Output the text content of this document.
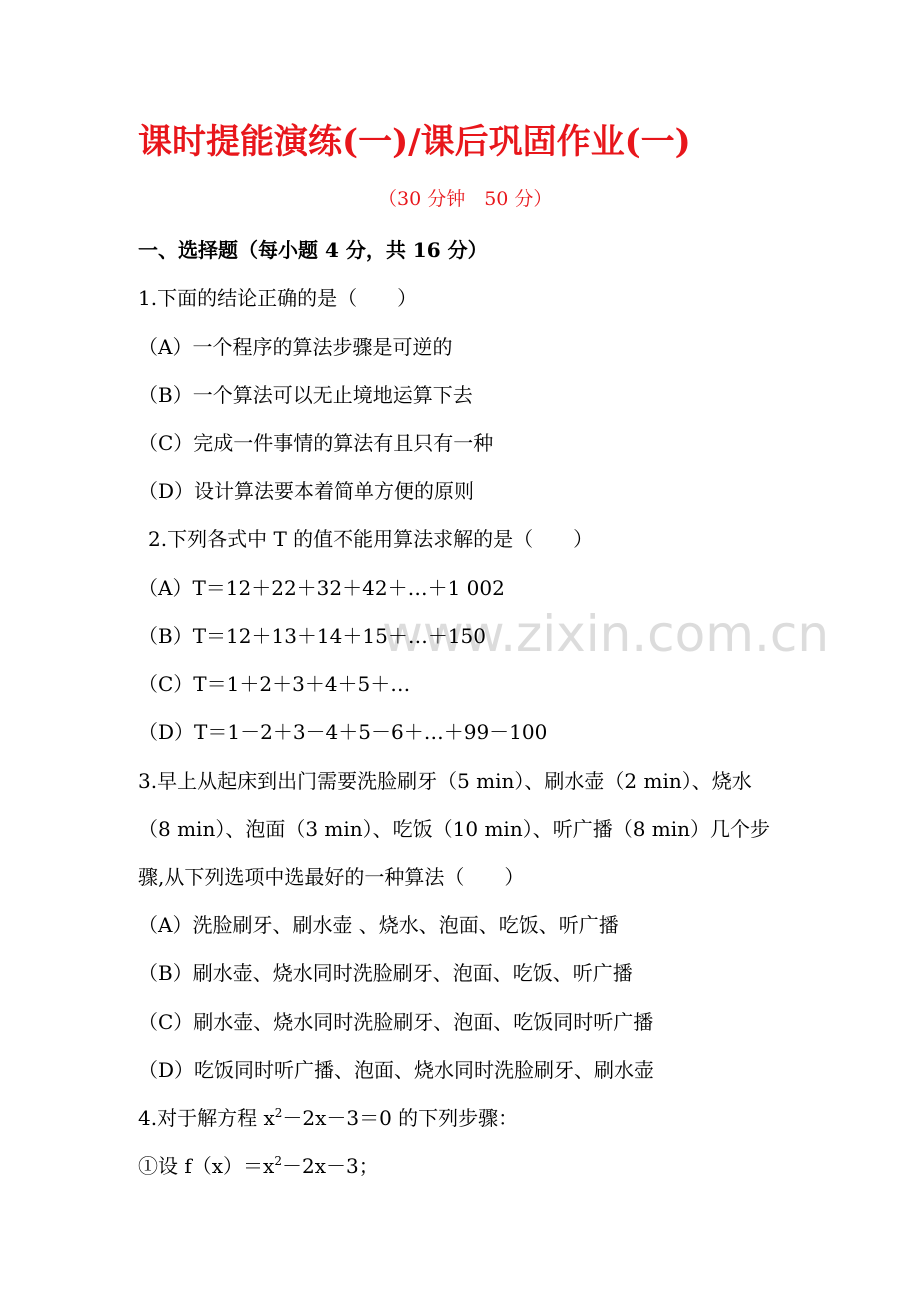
www.zixin.com.cn
课时提能演练(一)/课后巩固作业(一)
（30 分钟　50 分）
一、选择题（每小题 4 分，共 16 分）
1.下面的结论正确的是（　　）
（A）一个程序的算法步骤是可逆的
（B）一个算法可以无止境地运算下去
（C）完成一件事情的算法有且只有一种
（D）设计算法要本着简单方便的原则
2.下列各式中 T 的值不能用算法求解的是（　　）
（A）T＝12＋22＋32＋42＋…＋1 002
（B）T＝12＋13＋14＋15＋…＋150
（C）T＝1＋2＋3＋4＋5＋…
（D）T＝1－2＋3－4＋5－6＋…＋99－100
3.早上从起床到出门需要洗脸刷牙（5 min）、刷水壶（2 min）、烧水
（8 min）、泡面（3 min）、吃饭（10 min）、听广播（8 min）几个步
骤,从下列选项中选最好的一种算法（　　）
（A）洗脸刷牙、刷水壶 、烧水、泡面、吃饭、听广播
（B）刷水壶、烧水同时洗脸刷牙、泡面、吃饭、听广播
（C）刷水壶、烧水同时洗脸刷牙、泡面、吃饭同时听广播
（D）吃饭同时听广播、泡面、烧水同时洗脸刷牙、刷水壶
4.对于解方程 $x^2-2x-3=0$ 的下列步骤：
①设 $f(x)=x^2-2x-3$；
